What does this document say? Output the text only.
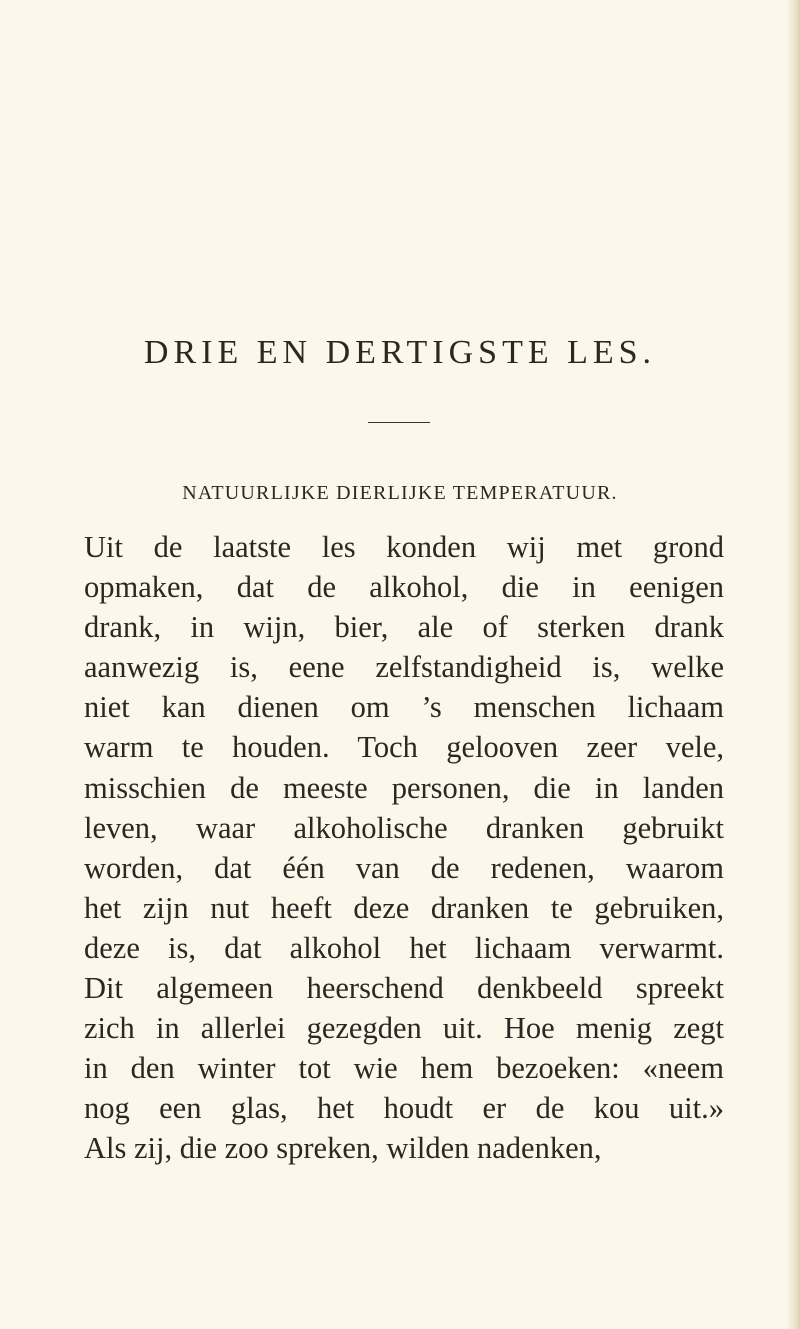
DRIE EN DERTIGSTE LES.
NATUURLIJKE DIERLIJKE TEMPERATUUR.
Uit de laatste les konden wij met grond
opmaken, dat de alkohol, die in eenigen
drank, in wijn, bier, ale of sterken drank
aanwezig is, eene zelfstandigheid is, welke
niet kan dienen om ’s menschen lichaam
warm te houden. Toch gelooven zeer vele,
misschien de meeste personen, die in landen
leven, waar alkoholische dranken gebruikt
worden, dat één van de redenen, waarom
het zijn nut heeft deze dranken te gebruiken,
deze is, dat alkohol het lichaam verwarmt.
Dit algemeen heerschend denkbeeld spreekt
zich in allerlei gezegden uit. Hoe menig zegt
in den winter tot wie hem bezoeken: «neem
nog een glas, het houdt er de kou uit.»
Als zij, die zoo spreken, wilden nadenken,
